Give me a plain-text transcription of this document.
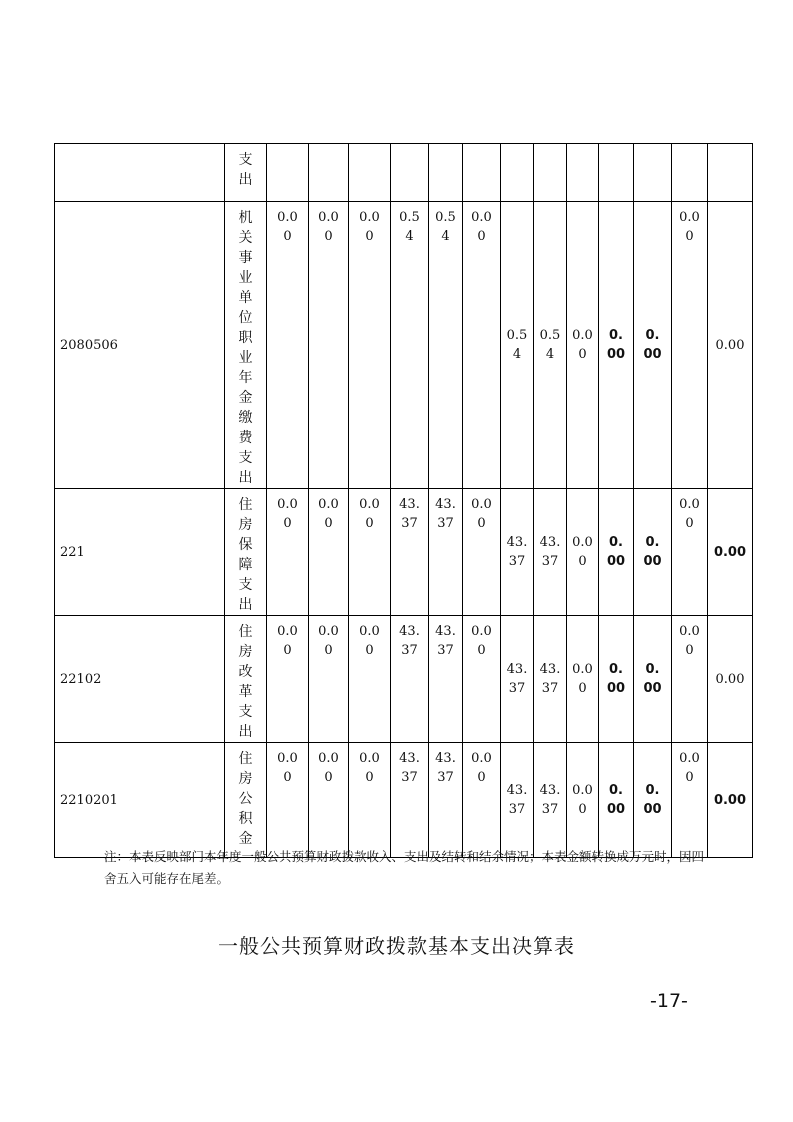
	支出													

2080506	机关事业单位职业年金缴费支出	0.00	0.00	0.00	0.54	0.54	0.00	0.54	0.54	0.00	0.00	0.00	0.00	0.00
221	住房保障支出	0.00	0.00	0.00	43.37	43.37	0.00	43.37	43.37	0.00	0.00	0.00	0.00	0.00
22102	住房改革支出	0.00	0.00	0.00	43.37	43.37	0.00	43.37	43.37	0.00	0.00	0.00	0.00	0.00
2210201	住房公积金	0.00	0.00	0.00	43.37	43.37	0.00	43.37	43.37	0.00	0.00	0.00	0.00	0.00
注：本表反映部门本年度一般公共预算财政拨款收入、支出及结转和结余情况；本表金额转换成万元时，因四舍五入可能存在尾差。
一般公共预算财政拨款基本支出决算表
-17-
